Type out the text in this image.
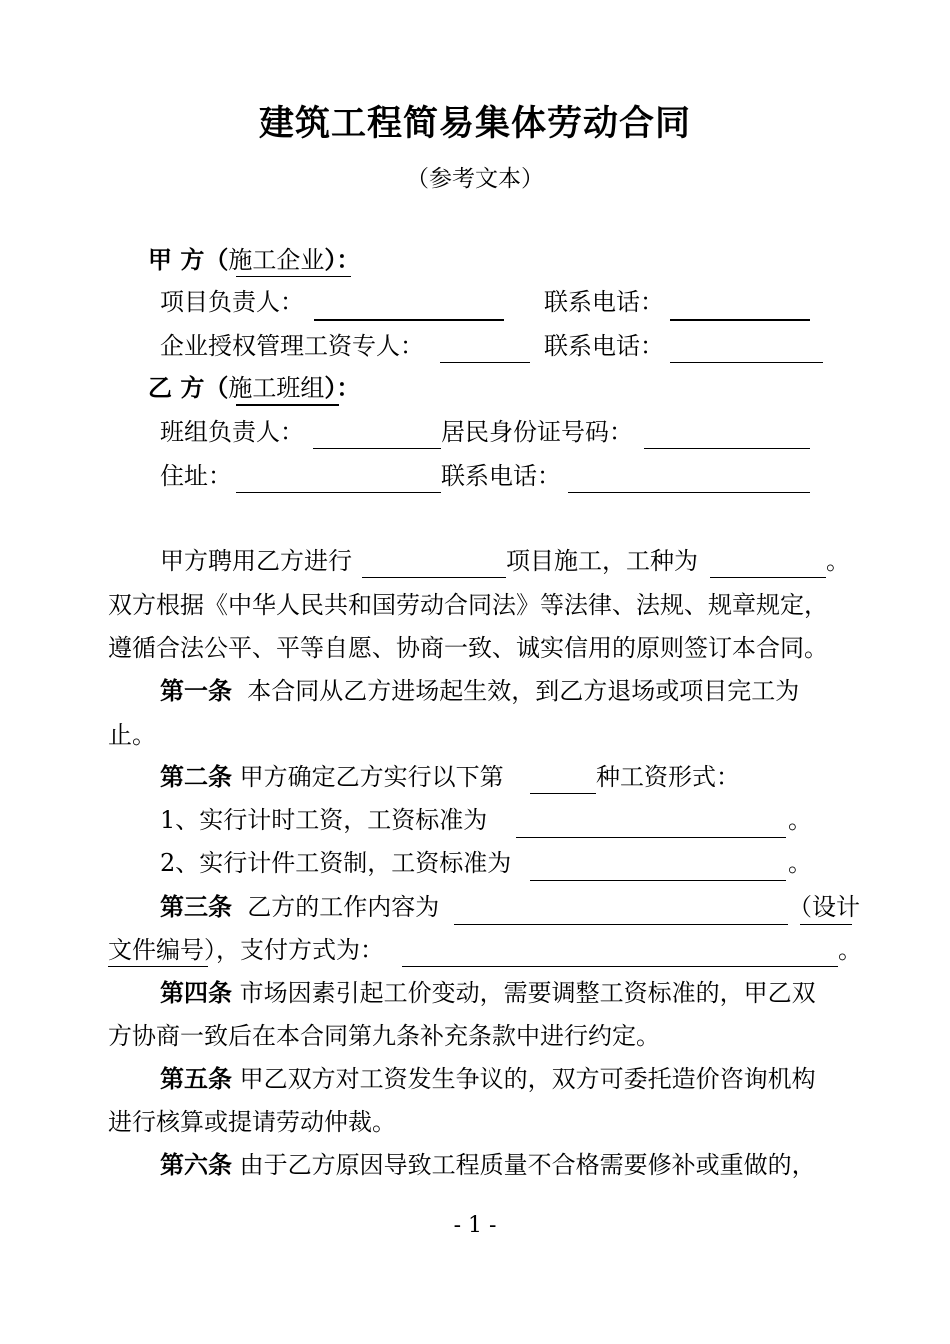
建筑工程简易集体劳动合同
（参考文本）
甲 方（施工企业）：
项目负责人：	联系电话：
企业授权管理工资专人：	联系电话：
乙 方（施工班组）：
班组负责人：	居民身份证号码：
住址：	联系电话：
甲方聘用乙方进行	项目施工，工种为	。
双方根据《中华人民共和国劳动合同法》等法律、法规、规章规定，
遵循合法公平、平等自愿、协商一致、诚实信用的原则签订本合同。
第一条 本合同从乙方进场起生效，到乙方退场或项目完工为
止。
第二条 甲方确定乙方实行以下第	种工资形式：
1、实行计时工资，工资标准为	。
2、实行计件工资制，工资标准为	。
第三条 乙方的工作内容为	（设计
文件编号），支付方式为：	。
第四条 市场因素引起工价变动，需要调整工资标准的，甲乙双
方协商一致后在本合同第九条补充条款中进行约定。
第五条 甲乙双方对工资发生争议的，双方可委托造价咨询机构
进行核算或提请劳动仲裁。
第六条 由于乙方原因导致工程质量不合格需要修补或重做的，
- 1 -
